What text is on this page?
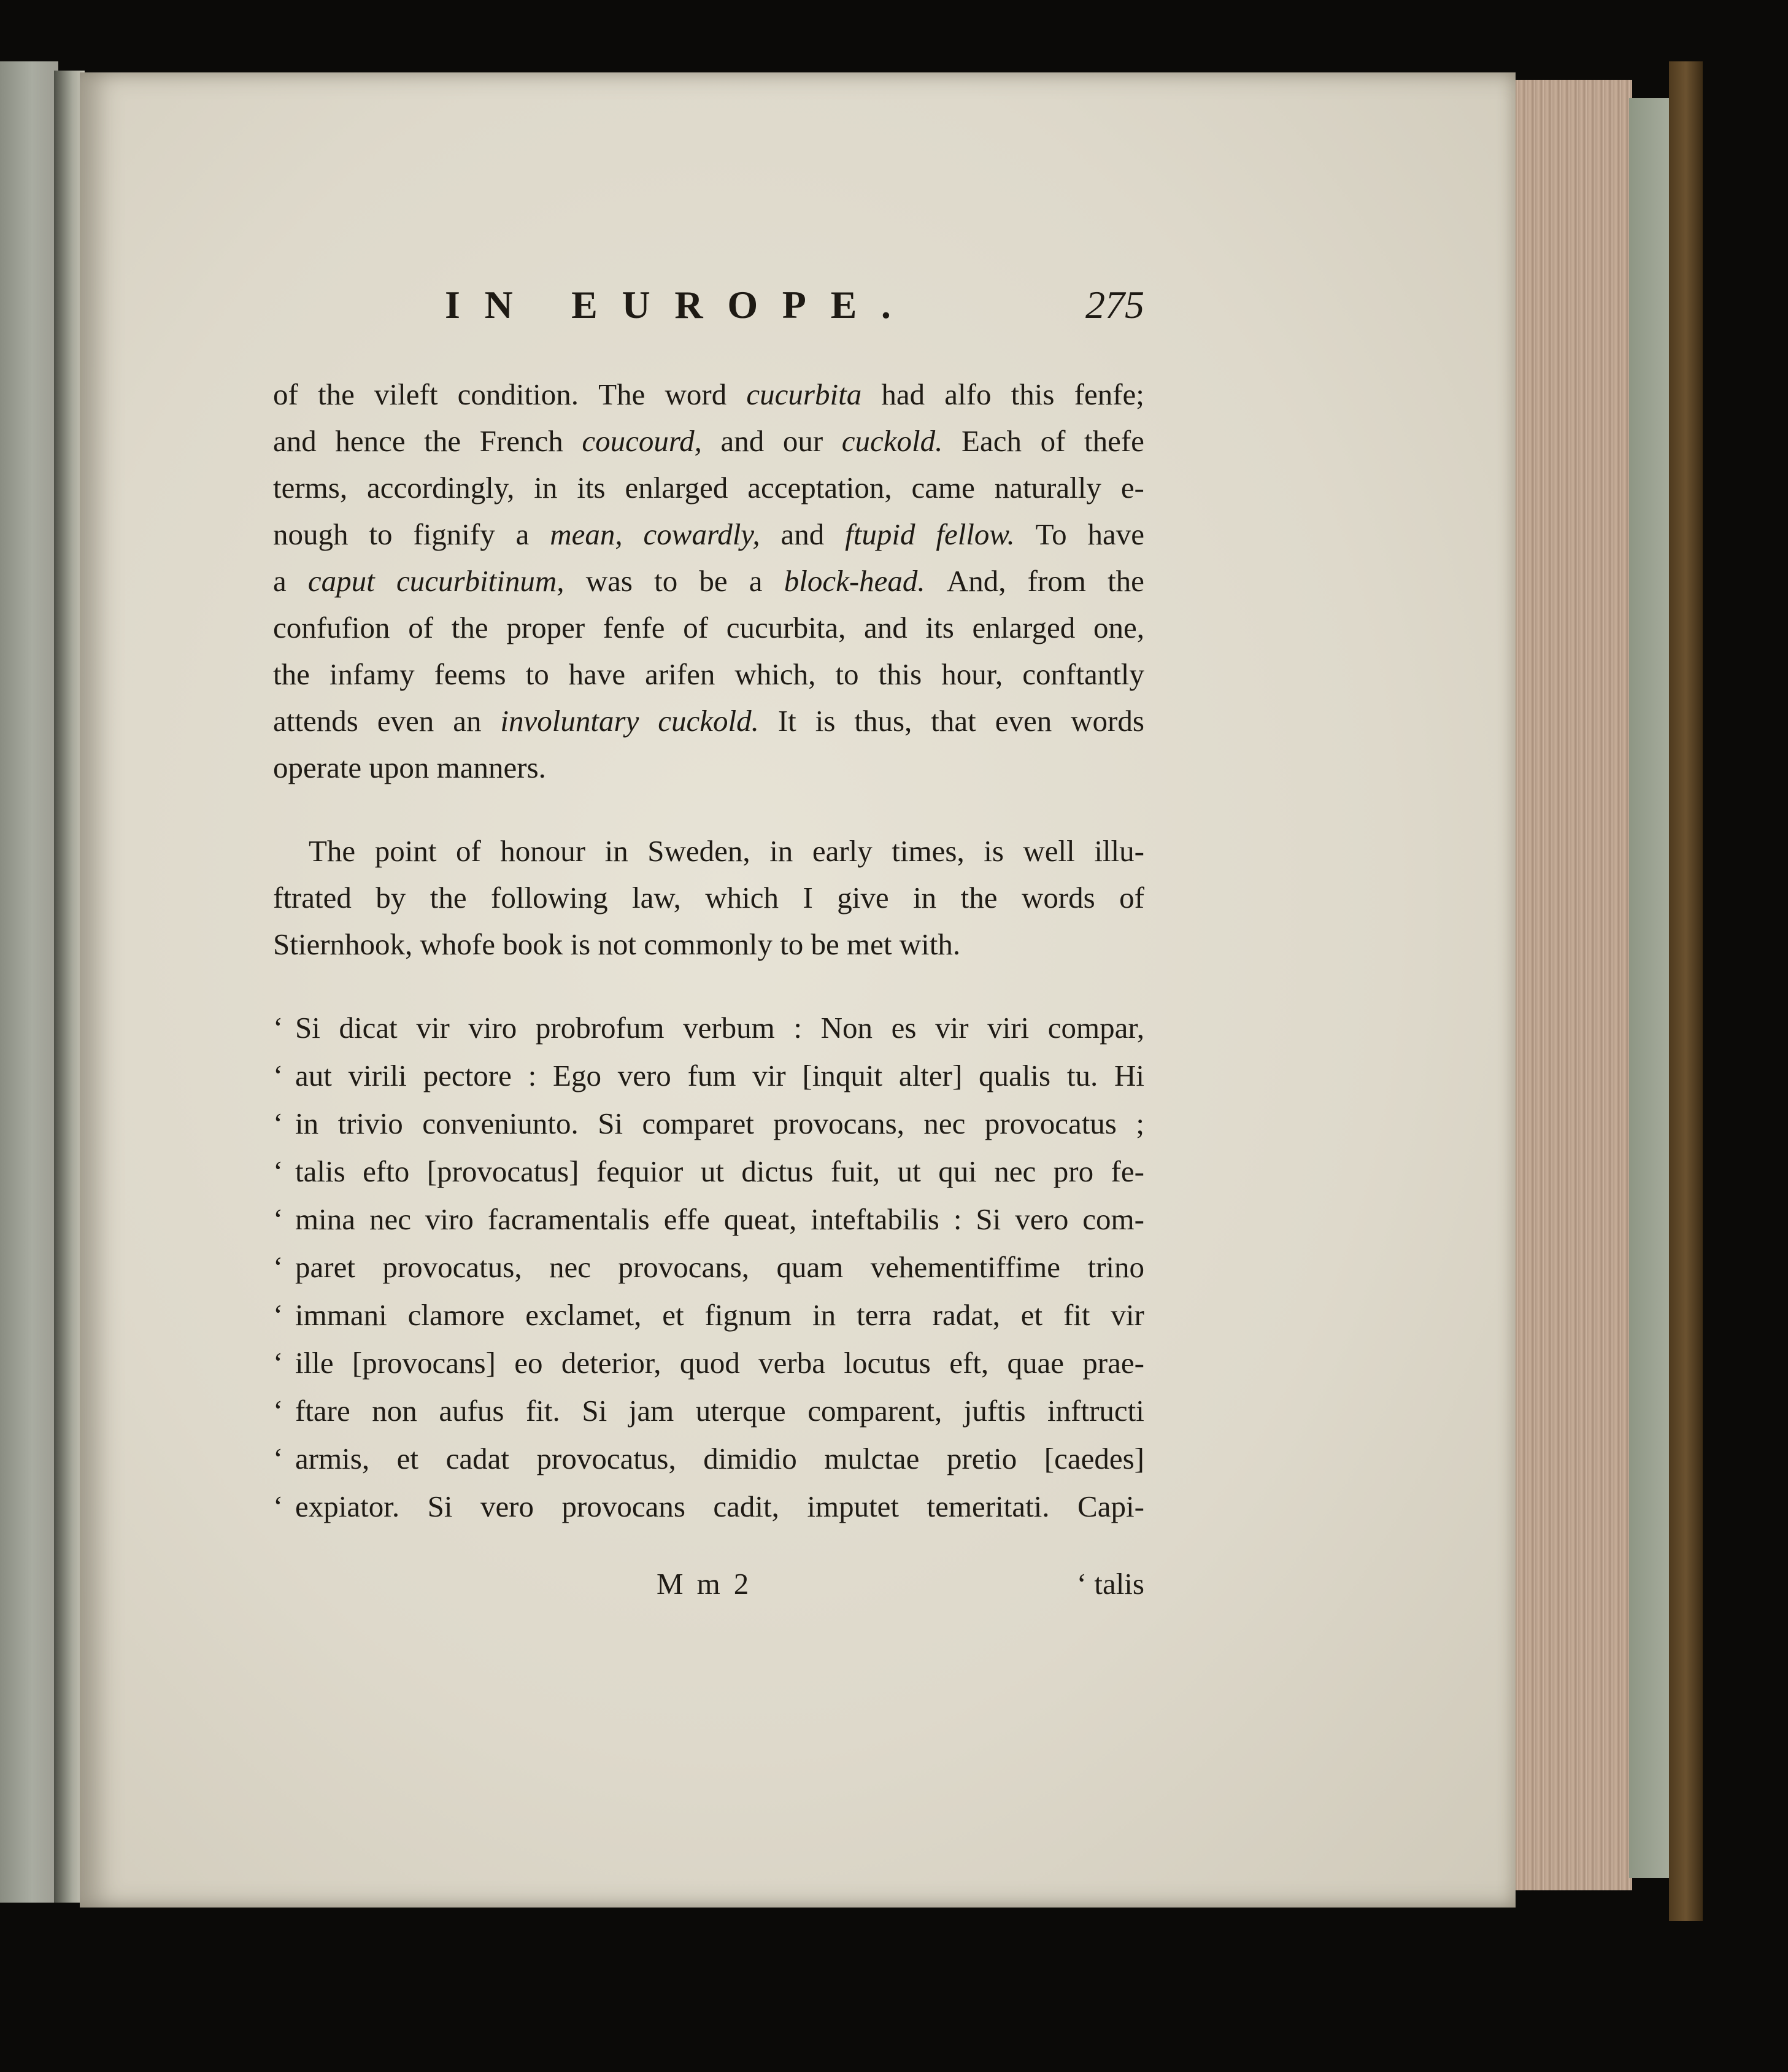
IN EUROPE.	275
of the vileft condition. The word cucurbita had alfo this fenfe;
and hence the French coucourd, and our cuckold. Each of thefe
terms, accordingly, in its enlarged acceptation, came naturally e-
nough to fignify a mean, cowardly, and ftupid fellow. To have
a caput cucurbitinum, was to be a block-head. And, from the
confufion of the proper fenfe of cucurbita, and its enlarged one,
the infamy feems to have arifen which, to this hour, conftantly
attends even an involuntary cuckold. It is thus, that even words
operate upon manners.
The point of honour in Sweden, in early times, is well illu-
ftrated by the following law, which I give in the words of
Stiernhook, whofe book is not commonly to be met with.
‘ Si dicat vir viro probrofum verbum : Non es vir viri compar,
‘ aut virili pectore : Ego vero fum vir [inquit alter] qualis tu. Hi
‘ in trivio conveniunto. Si comparet provocans, nec provocatus ;
‘ talis efto [provocatus] fequior ut dictus fuit, ut qui nec pro fe-
‘ mina nec viro facramentalis effe queat, inteftabilis : Si vero com-
‘ paret provocatus, nec provocans, quam vehementiffime trino
‘ immani clamore exclamet, et fignum in terra radat, et fit vir
‘ ille [provocans] eo deterior, quod verba locutus eft, quae prae-
‘ ftare non aufus fit. Si jam uterque comparent, juftis inftructi
‘ armis, et cadat provocatus, dimidio mulctae pretio [caedes]
‘ expiator. Si vero provocans cadit, imputet temeritati. Capi-
M m 2	‘ talis
